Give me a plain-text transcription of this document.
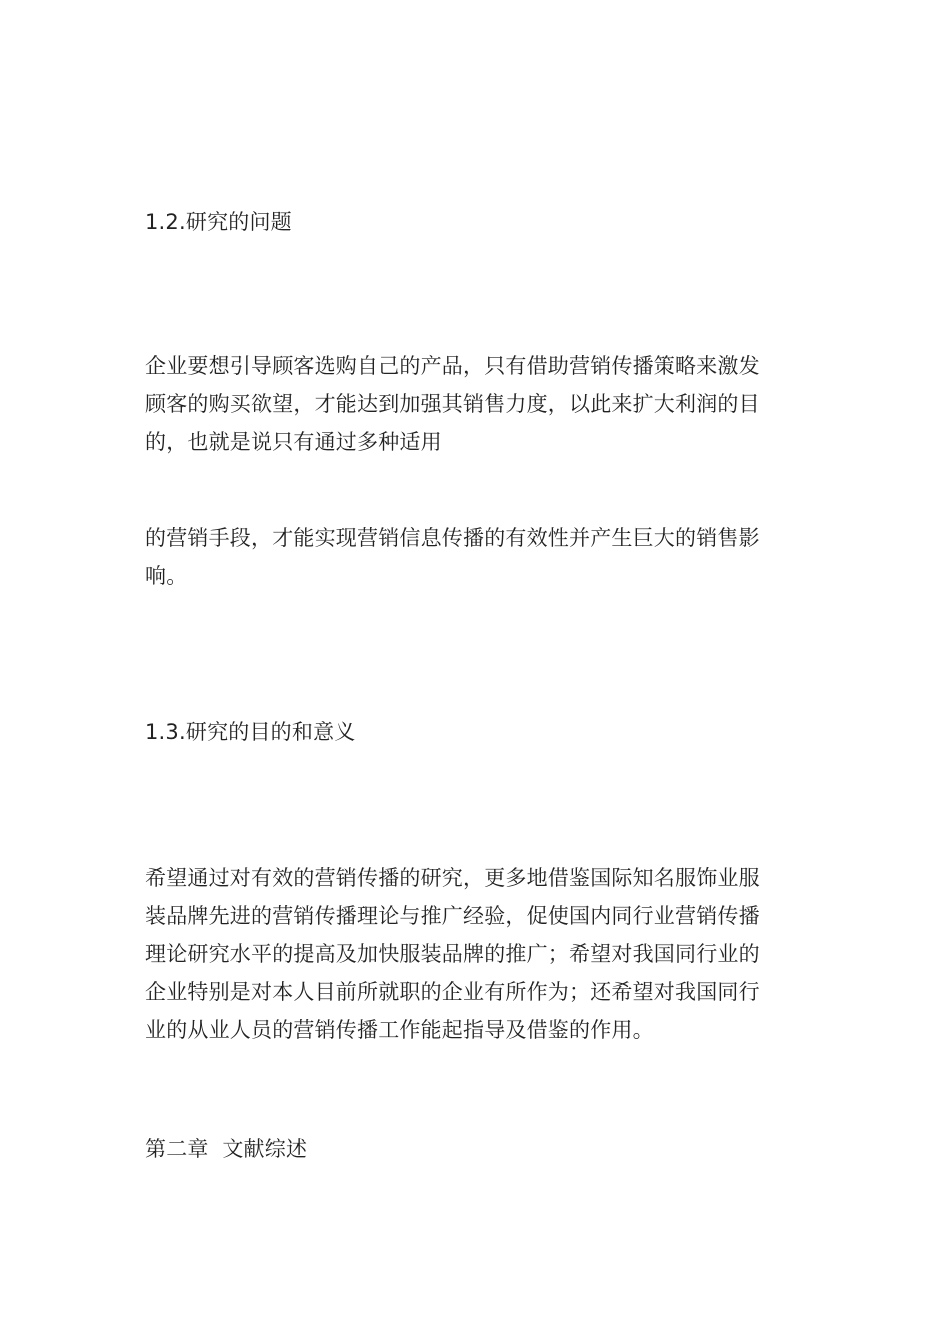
1.2.研究的问题

企业要想引导顾客选购自己的产品，只有借助营销传播策略来激发
顾客的购买欲望，才能达到加强其销售力度，以此来扩大利润的目
的，也就是说只有通过多种适用

的营销手段，才能实现营销信息传播的有效性并产生巨大的销售影
响。

1.3.研究的目的和意义

希望通过对有效的营销传播的研究，更多地借鉴国际知名服饰业服
装品牌先进的营销传播理论与推广经验，促使国内同行业营销传播
理论研究水平的提高及加快服装品牌的推广；希望对我国同行业的
企业特别是对本人目前所就职的企业有所作为；还希望对我国同行
业的从业人员的营销传播工作能起指导及借鉴的作用。

第二章  文献综述
